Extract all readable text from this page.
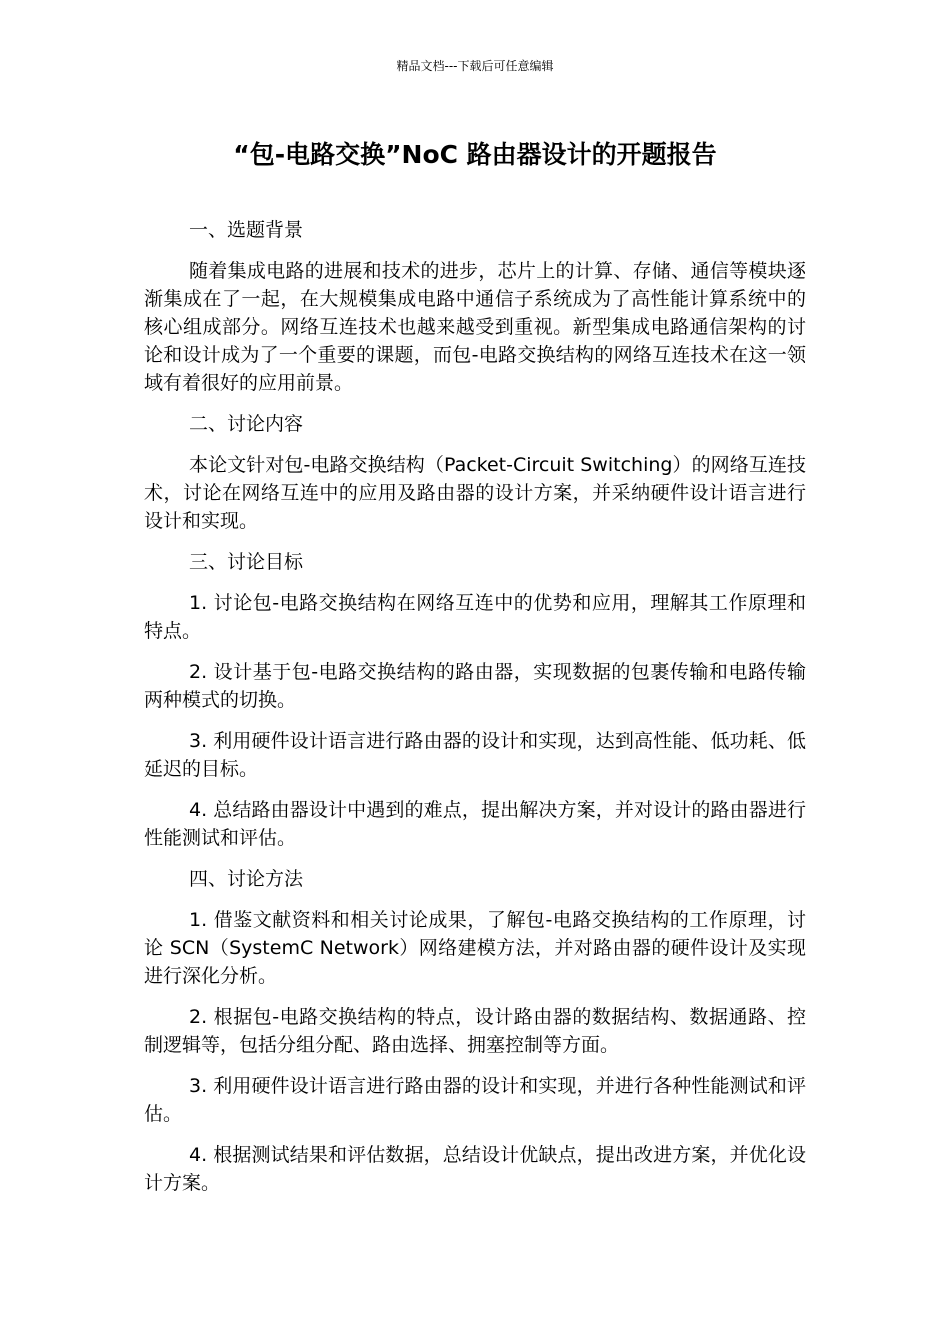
精品文档---下载后可任意编辑
“包-电路交换”NoC 路由器设计的开题报告

一、选题背景

随着集成电路的进展和技术的进步，芯片上的计算、存储、通信等模块逐渐集成在了一起，在大规模集成电路中通信子系统成为了高性能计算系统中的核心组成部分。网络互连技术也越来越受到重视。新型集成电路通信架构的讨论和设计成为了一个重要的课题，而包-电路交换结构的网络互连技术在这一领域有着很好的应用前景。

二、讨论内容

本论文针对包-电路交换结构（Packet-Circuit Switching）的网络互连技术，讨论在网络互连中的应用及路由器的设计方案，并采纳硬件设计语言进行设计和实现。

三、讨论目标

1. 讨论包-电路交换结构在网络互连中的优势和应用，理解其工作原理和特点。

2. 设计基于包-电路交换结构的路由器，实现数据的包裹传输和电路传输两种模式的切换。

3. 利用硬件设计语言进行路由器的设计和实现，达到高性能、低功耗、低延迟的目标。

4. 总结路由器设计中遇到的难点，提出解决方案，并对设计的路由器进行性能测试和评估。

四、讨论方法

1. 借鉴文献资料和相关讨论成果，了解包-电路交换结构的工作原理，讨论 SCN（SystemC Network）网络建模方法，并对路由器的硬件设计及实现进行深化分析。

2. 根据包-电路交换结构的特点，设计路由器的数据结构、数据通路、控制逻辑等，包括分组分配、路由选择、拥塞控制等方面。

3. 利用硬件设计语言进行路由器的设计和实现，并进行各种性能测试和评估。

4. 根据测试结果和评估数据，总结设计优缺点，提出改进方案，并优化设计方案。
